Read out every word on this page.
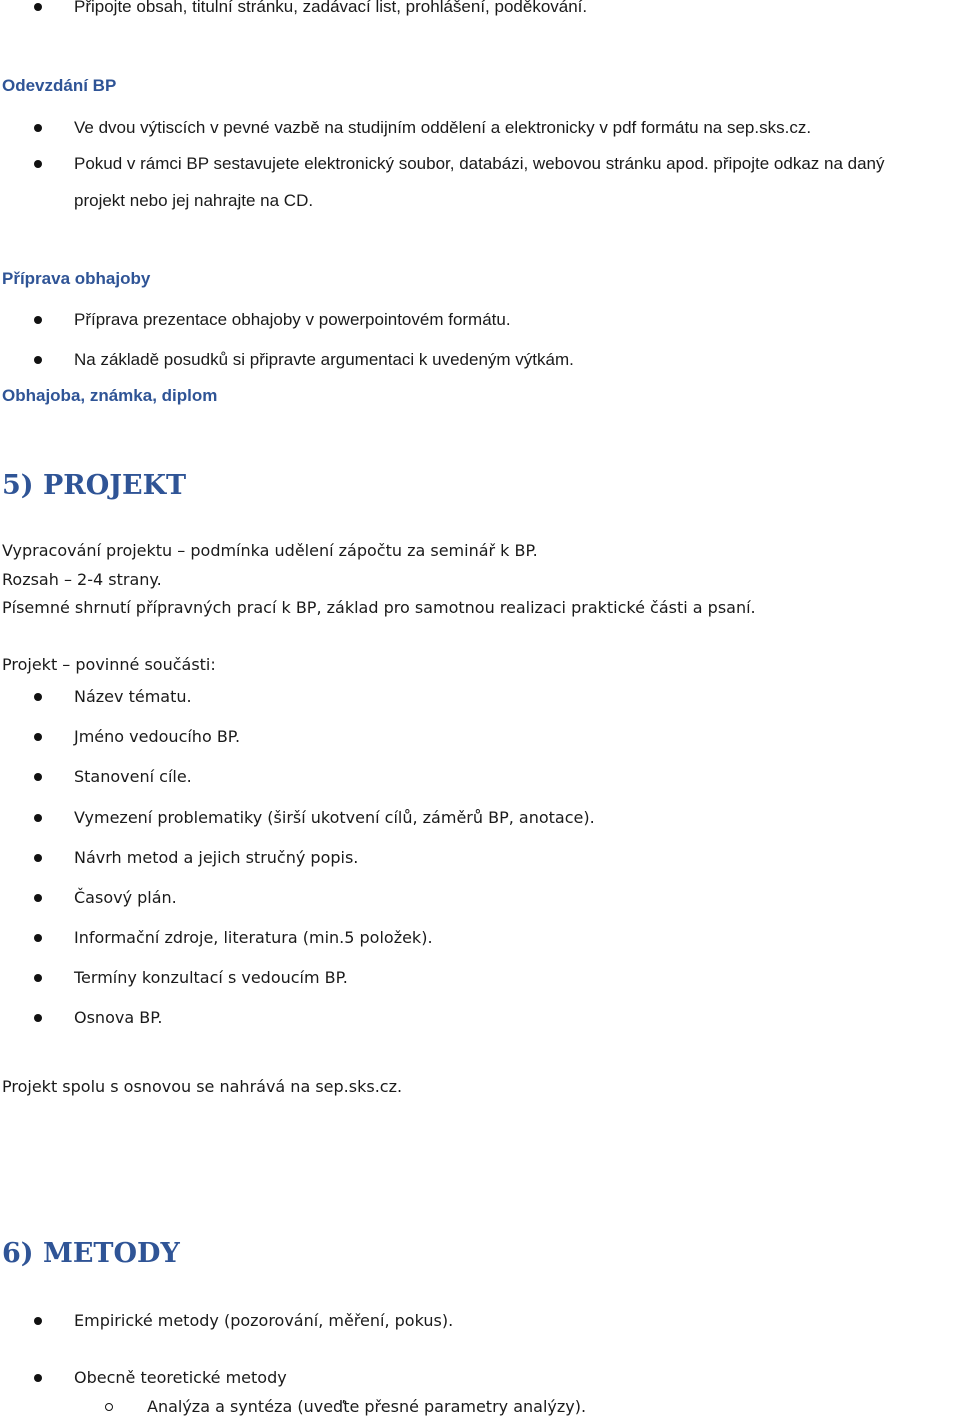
Připojte obsah, titulní stránku, zadávací list, prohlášení, poděkování.
Odevzdání BP
Ve dvou výtiscích v pevné vazbě na studijním oddělení a elektronicky v pdf formátu na sep.sks.cz.
Pokud v rámci BP sestavujete elektronický soubor, databázi, webovou stránku apod. připojte odkaz na daný
projekt nebo jej nahrajte na CD.
Příprava obhajoby
Příprava prezentace obhajoby v powerpointovém formátu.
Na základě posudků si připravte argumentaci k uvedeným výtkám.
Obhajoba, známka, diplom
5) PROJEKT
Vypracování projektu – podmínka udělení zápočtu za seminář k BP.
Rozsah – 2-4 strany.
Písemné shrnutí přípravných prací k BP, základ pro samotnou realizaci praktické části a psaní.
Projekt – povinné součásti:
Název tématu.
Jméno vedoucího BP.
Stanovení cíle.
Vymezení problematiky (širší ukotvení cílů, záměrů BP, anotace).
Návrh metod a jejich stručný popis.
Časový plán.
Informační zdroje, literatura (min.5 položek).
Termíny konzultací s vedoucím BP.
Osnova BP.
Projekt spolu s osnovou se nahrává na sep.sks.cz.
6) METODY
Empirické metody (pozorování, měření, pokus).
Obecně teoretické metody
Analýza a syntéza (uveďte přesné parametry analýzy).
